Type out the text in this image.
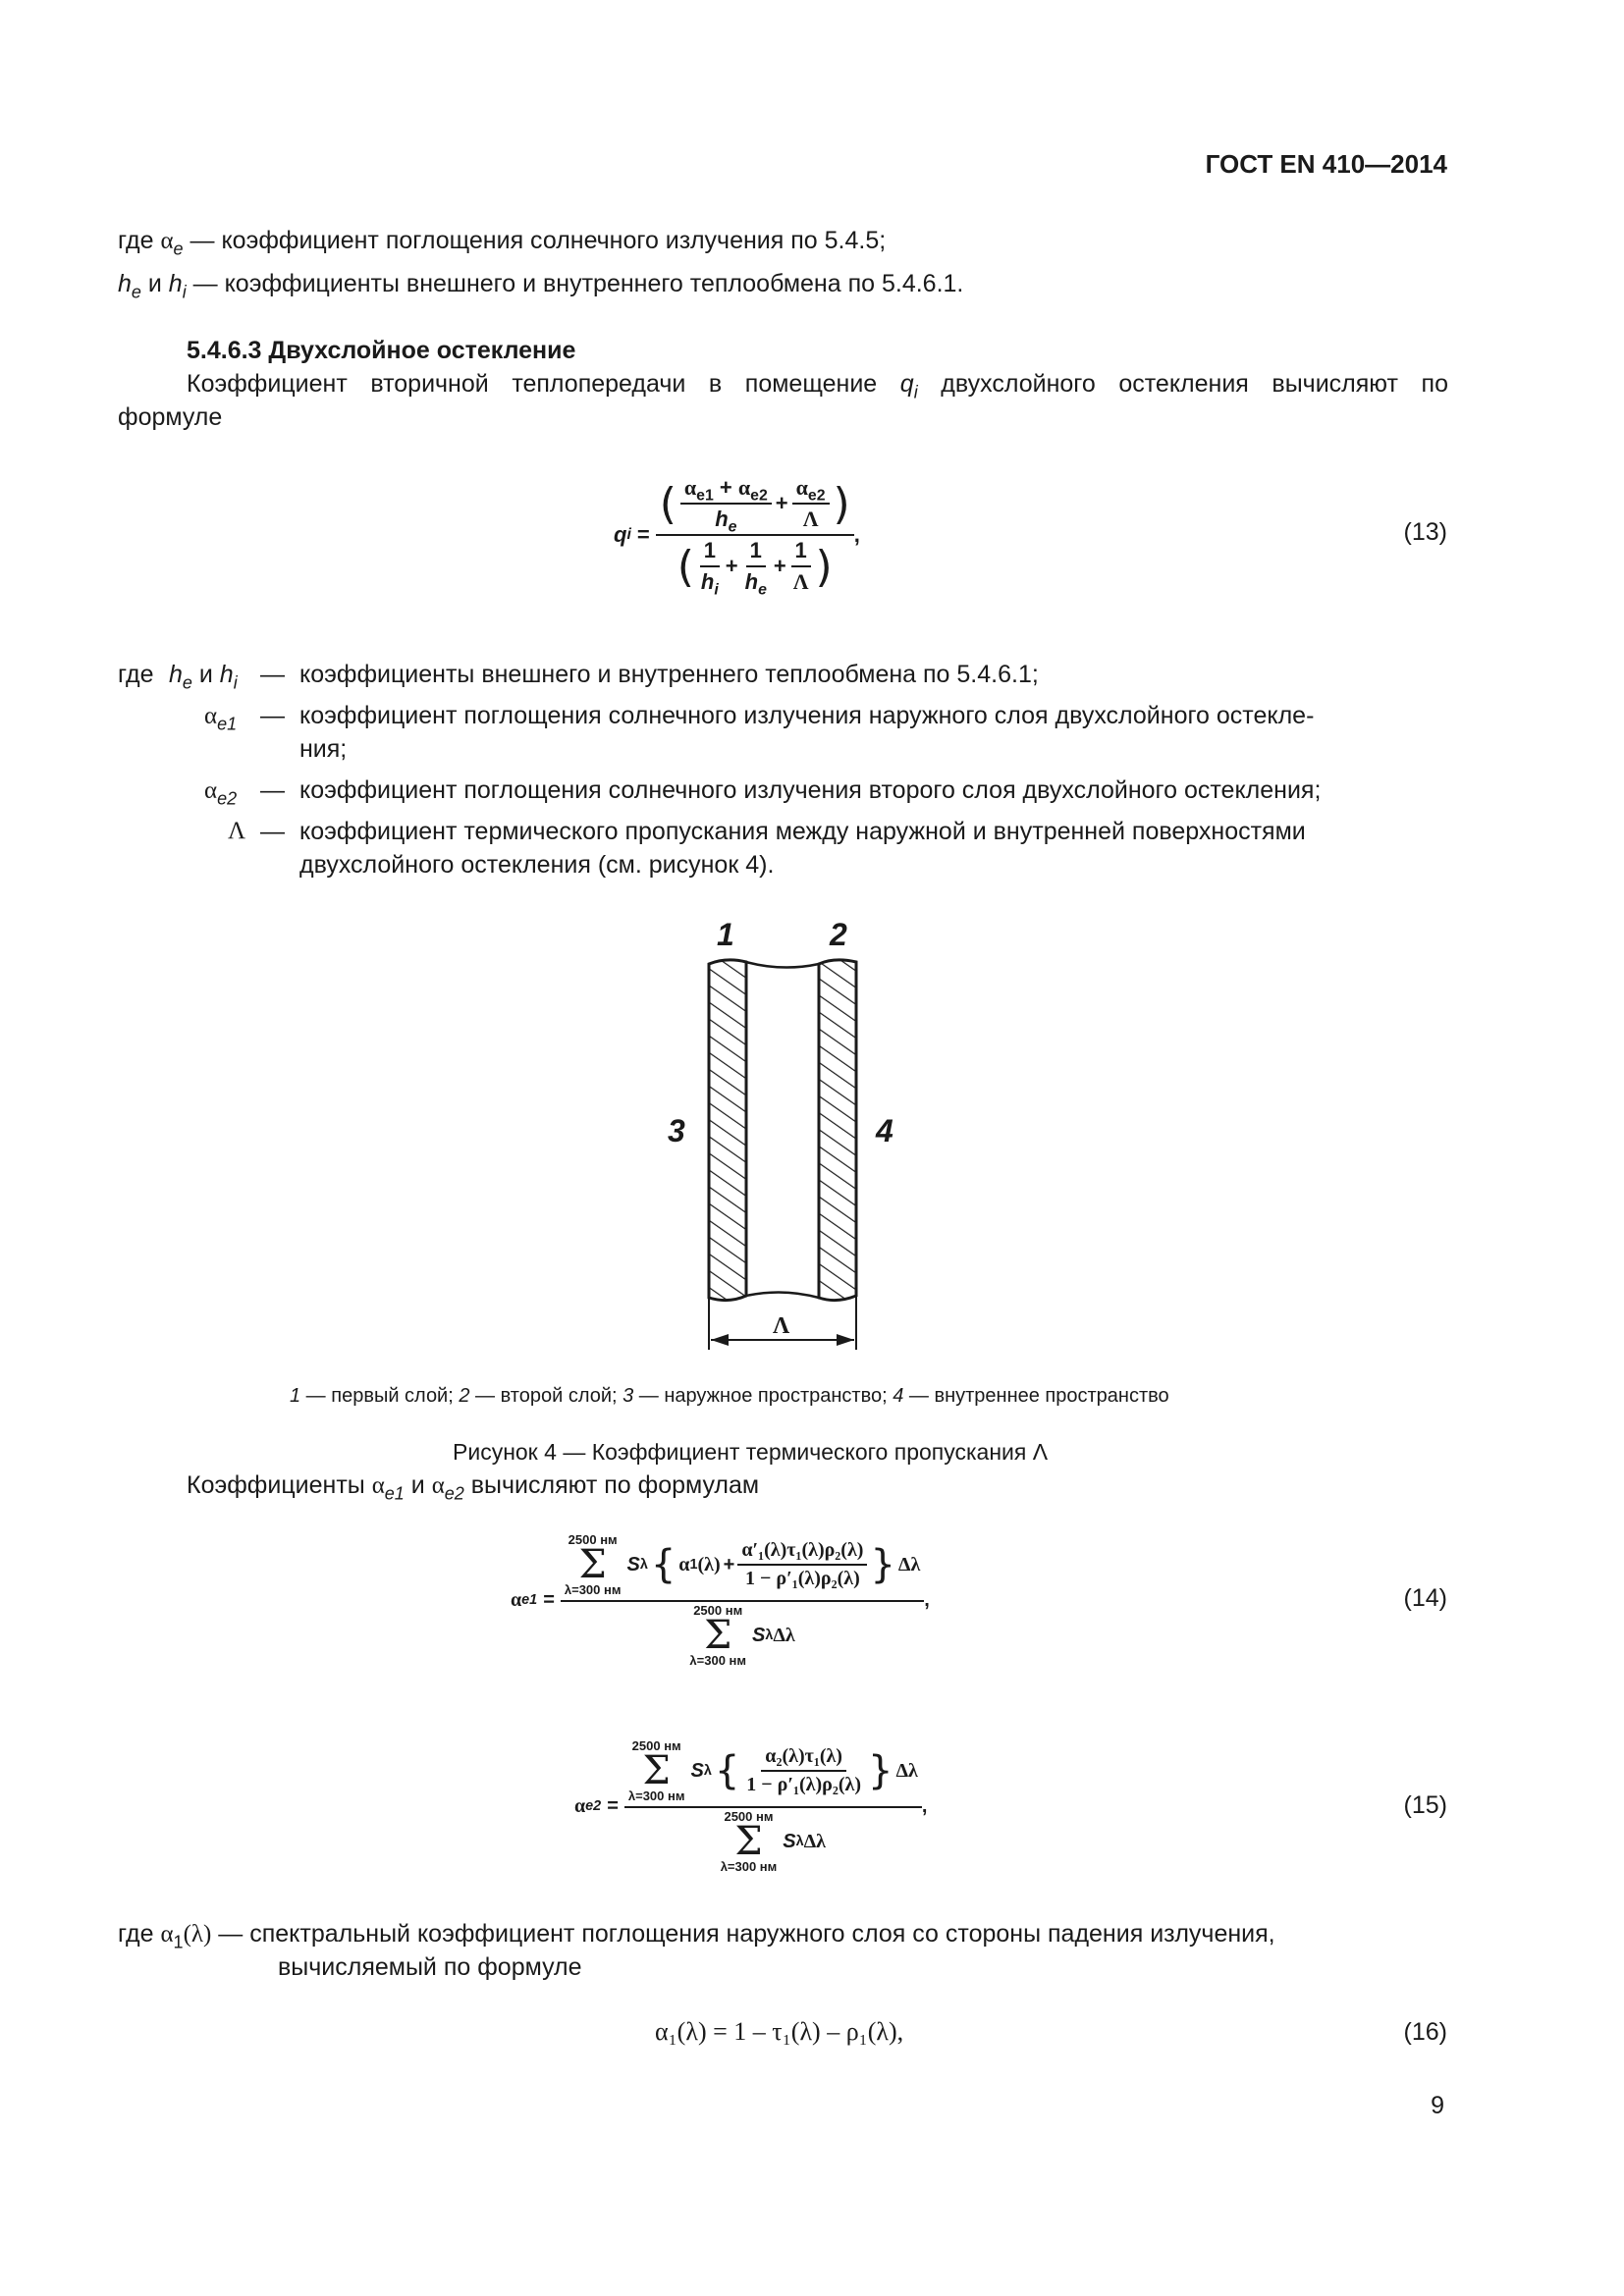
ГОСТ EN 410—2014
где $\alpha_e$ — коэффициент поглощения солнечного излучения по 5.4.5;
$h_e$ и $h_i$ — коэффициенты внешнего и внутреннего теплообмена по 5.4.6.1.
5.4.6.3 Двухслойное остекление
Коэффициент вторичной теплопередачи в помещение $q_i$ двухслойного остекления вычисляют по
формуле
q i =
( $\frac{\alpha_{e1} + \alpha_{e2}}{h_e} + \frac{\alpha_{e2}}{\Lambda}$ )
( $\frac{1}{h_i} + \frac{1}{h_e} + \frac{1}{\Lambda}$ )
,	(13)
где $h_e$ и $h_i$ — коэффициенты внешнего и внутреннего теплообмена по 5.4.6.1;
$\alpha_{e1}$ — коэффициент поглощения солнечного излучения наружного слоя двухслойного остекле-
ния;
$\alpha_{e2}$ — коэффициент поглощения солнечного излучения второго слоя двухслойного остекления;
Λ — коэффициент термического пропускания между наружной и внутренней поверхностями
двухслойного остекления (см. рисунок 4).
1	2
3	4
Λ
1 — первый слой; 2 — второй слой; 3 — наружное пространство; 4 — внутреннее пространство
Рисунок 4 — Коэффициент термического пропускания Λ
Коэффициенты $\alpha_{e1}$ и $\alpha_{e2}$ вычисляют по формулам
α e1 =
2500 нм
Σ
λ=300 нм
S λ { α 1 $(\lambda) + \frac{\text{α′₁(λ)τ₁(λ)ρ₂(λ)}}{\text{1 − ρ′₁(λ)ρ₂(λ)}}$ } Δλ
2500 нм
Σ
λ=300 нм
S λ Δλ
,	(14)
α e2 =
2500 нм
Σ
λ=300 нм
S λ { $\frac{\text{α₂(λ)τ₁(λ)}}{\text{1 − ρ′₁(λ)ρ₂(λ)}}$ } Δλ
2500 нм
Σ
λ=300 нм
S λ Δλ
,	(15)
где $\alpha_1(\lambda)$ — спектральный коэффициент поглощения наружного слоя со стороны падения излучения,
вычисляемый по формуле
α₁(λ) = 1 – τ₁(λ) – ρ₁(λ),	(16)
9
